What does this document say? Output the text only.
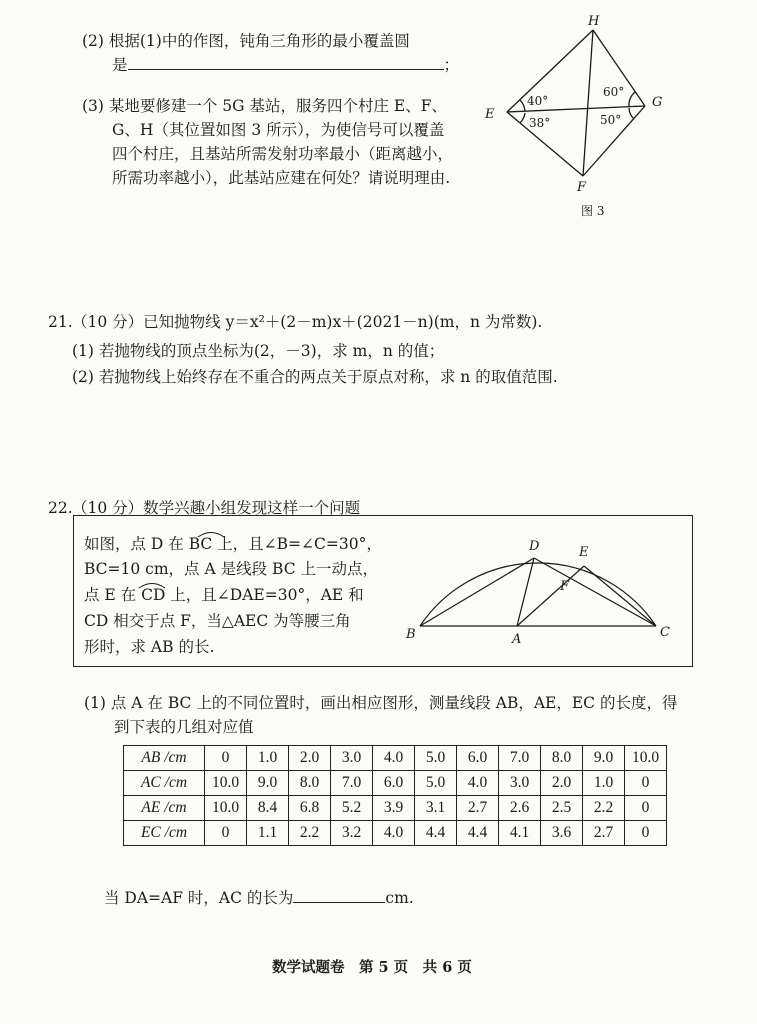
(2) 根据(1)中的作图，钝角三角形的最小覆盖圆
是	；
(3) 某地要修建一个 5G 基站，服务四个村庄 E、F、
G、H（其位置如图 3 所示），为使信号可以覆盖
四个村庄，且基站所需发射功率最小（距离越小，
所需功率越小），此基站应建在何处？请说明理由.
H
E
G
F
40°
38°
60°
50°
图 3
21. （10 分）已知抛物线 y＝x²＋(2－m)x＋(2021－n)(m，n 为常数).
(1) 若抛物线的顶点坐标为(2，－3)，求 m，n 的值；
(2) 若抛物线上始终存在不重合的两点关于原点对称，求 n 的取值范围.
22. （10 分）数学兴趣小组发现这样一个问题
如图，点 D 在 BC 上，且∠B=∠C=30°，
BC=10 cm，点 A 是线段 BC 上一动点，
点 E 在 CD 上，且∠DAE=30°，AE 和
CD 相交于点 F，当△AEC 为等腰三角
形时，求 AB 的长.
D	E
F
B	A	C
(1) 点 A 在 BC 上的不同位置时，画出相应图形，测量线段 AB，AE，EC 的长度，得
到下表的几组对应值
AB /cm	0	1.0	2.0	3.0	4.0	5.0	6.0	7.0	8.0	9.0	10.0
AC /cm	10.0	9.0	8.0	7.0	6.0	5.0	4.0	3.0	2.0	1.0	0
AE /cm	10.0	8.4	6.8	5.2	3.9	3.1	2.7	2.6	2.5	2.2	0
EC /cm	0	1.1	2.2	3.2	4.0	4.4	4.4	4.1	3.6	2.7	0
当 DA=AF 时，AC 的长为	cm.
数学试题卷　第 5 页　共 6 页
